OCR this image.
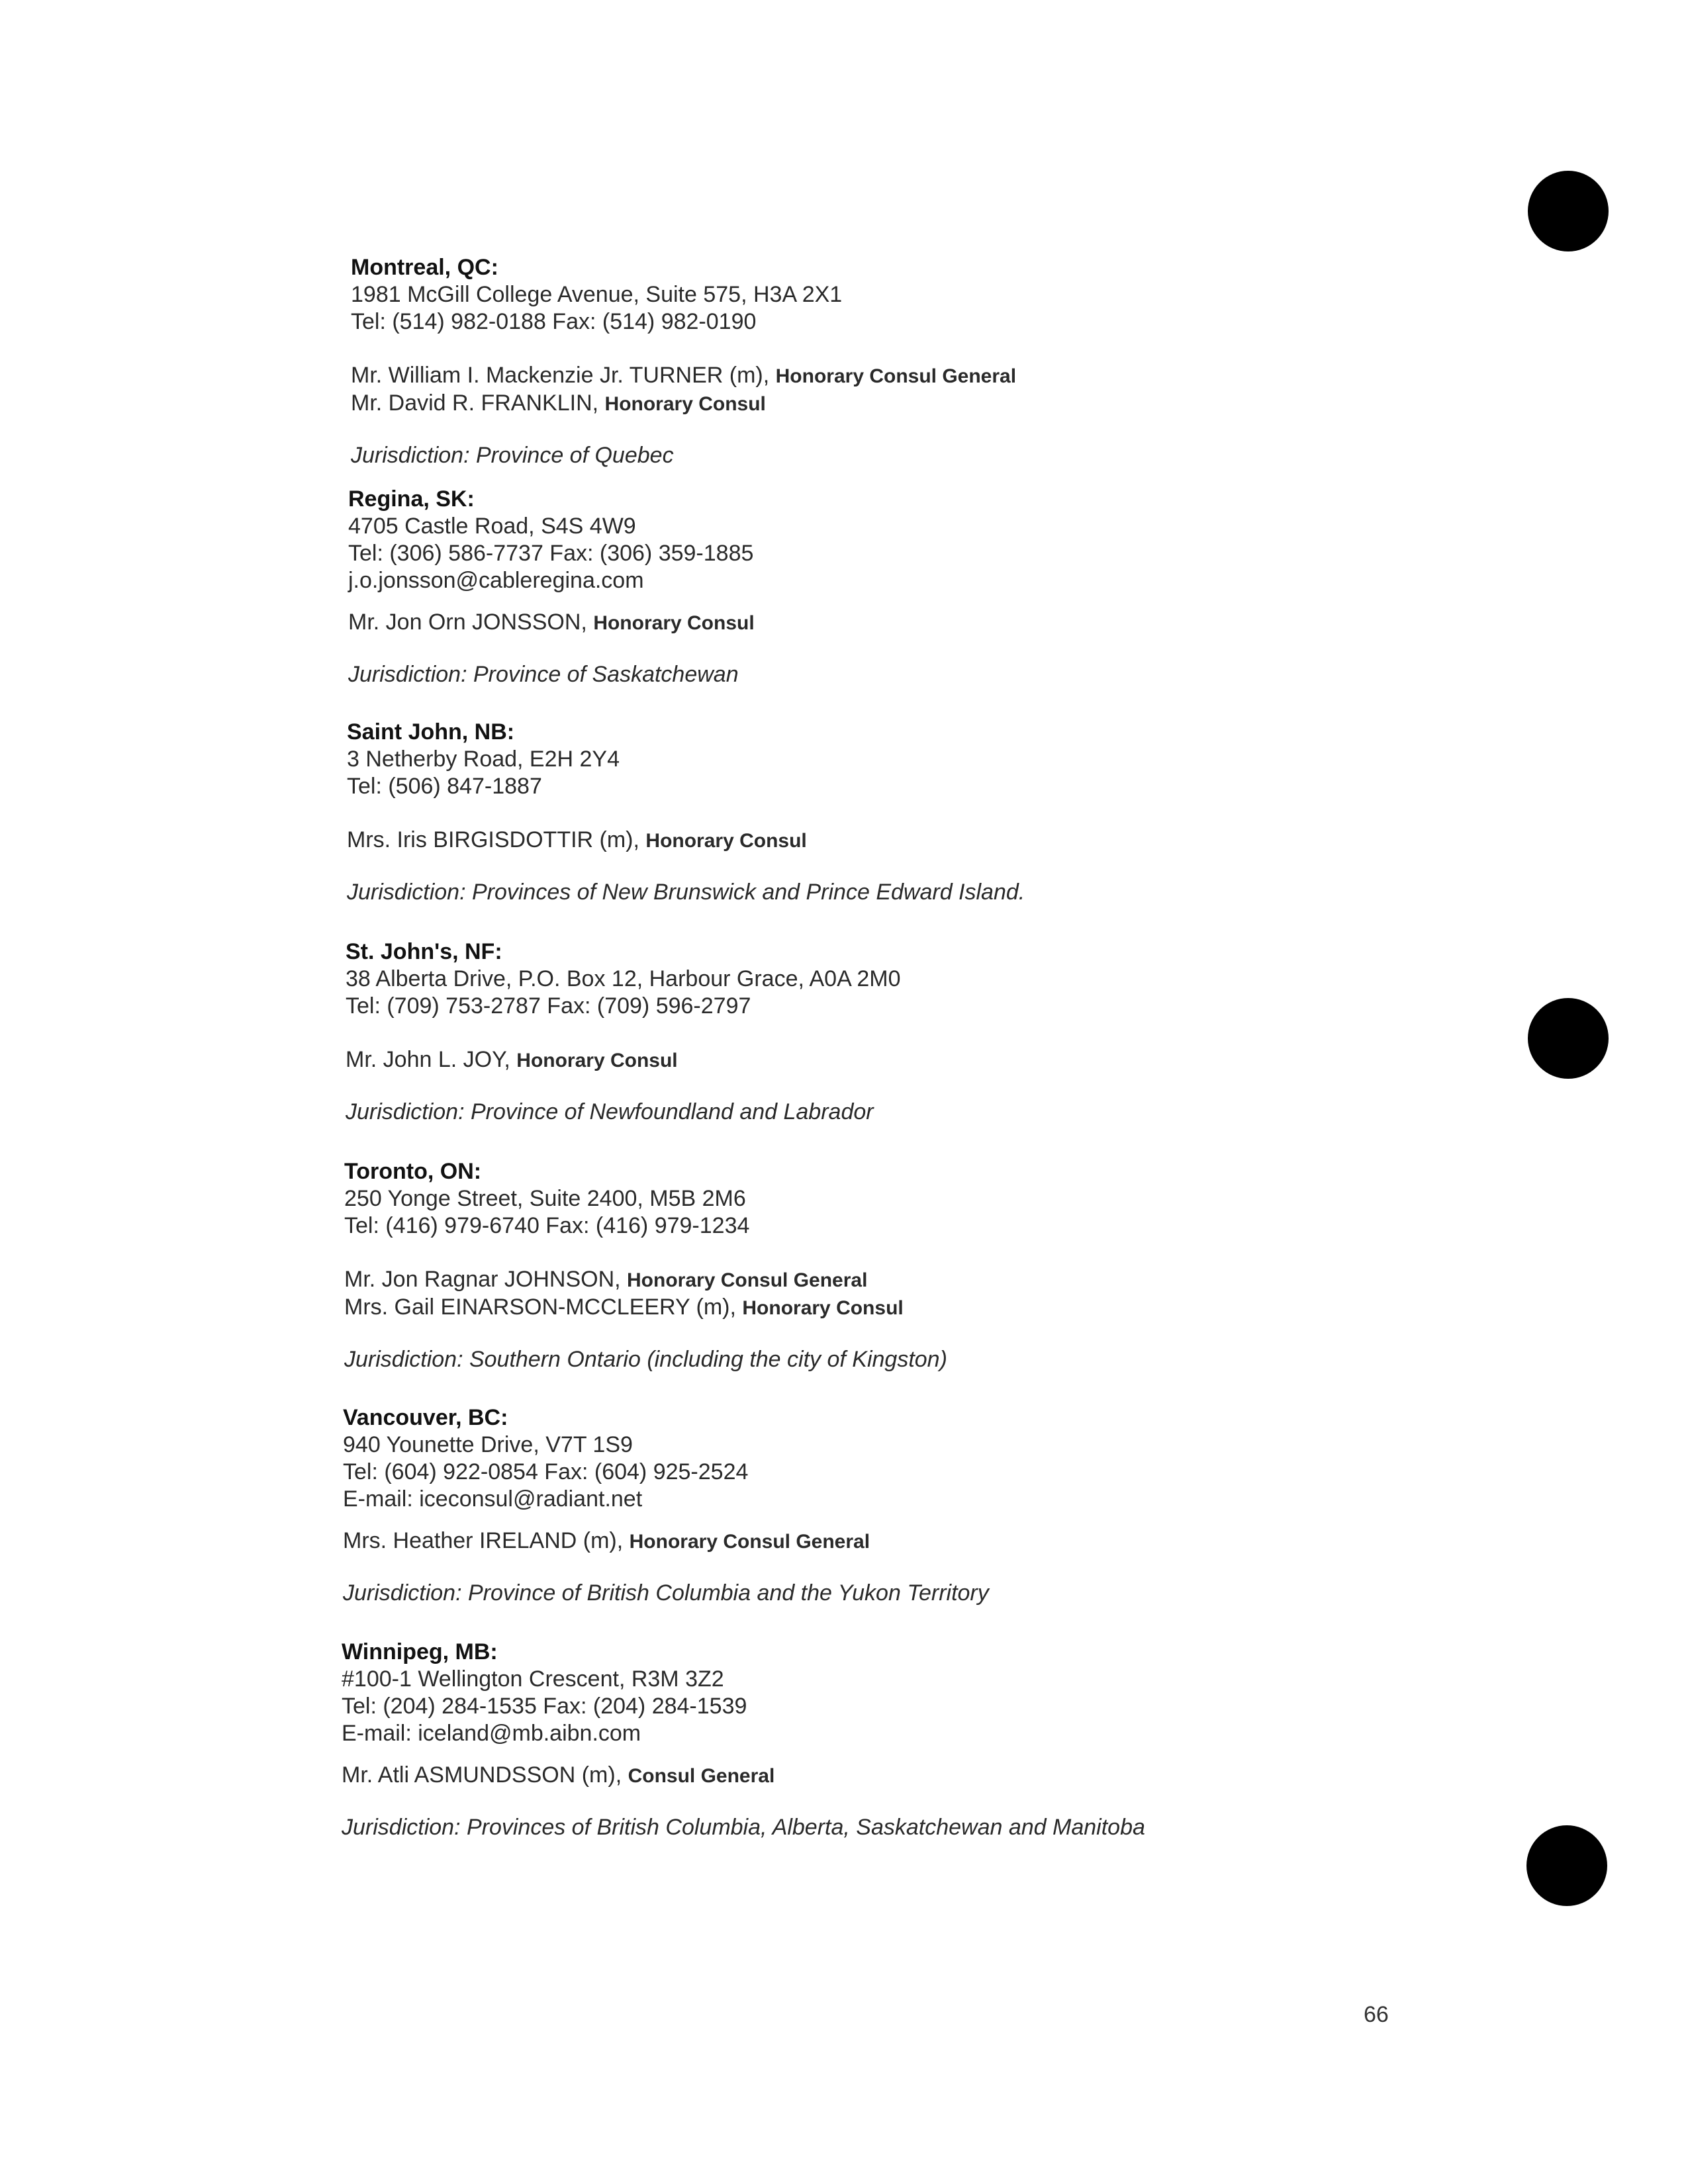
Montreal, QC:
1981 McGill College Avenue, Suite 575, H3A 2X1
Tel: (514) 982-0188 Fax: (514) 982-0190
Mr. William I. Mackenzie Jr. TURNER (m), Honorary Consul General
Mr. David R. FRANKLIN, Honorary Consul
Jurisdiction: Province of Quebec
Regina, SK:
4705 Castle Road, S4S 4W9
Tel: (306) 586-7737 Fax: (306) 359-1885
j.o.jonsson@cableregina.com
Mr. Jon Orn JONSSON, Honorary Consul
Jurisdiction: Province of Saskatchewan
Saint John, NB:
3 Netherby Road, E2H 2Y4
Tel: (506) 847-1887
Mrs. Iris BIRGISDOTTIR (m), Honorary Consul
Jurisdiction: Provinces of New Brunswick and Prince Edward Island.
St. John's, NF:
38 Alberta Drive, P.O. Box 12, Harbour Grace, A0A 2M0
Tel: (709) 753-2787 Fax: (709) 596-2797
Mr. John L. JOY, Honorary Consul
Jurisdiction: Province of Newfoundland and Labrador
Toronto, ON:
250 Yonge Street, Suite 2400, M5B 2M6
Tel: (416) 979-6740 Fax: (416) 979-1234
Mr. Jon Ragnar JOHNSON, Honorary Consul General
Mrs. Gail EINARSON-MCCLEERY (m), Honorary Consul
Jurisdiction: Southern Ontario (including the city of Kingston)
Vancouver, BC:
940 Younette Drive, V7T 1S9
Tel: (604) 922-0854 Fax: (604) 925-2524
E-mail: iceconsul@radiant.net
Mrs. Heather IRELAND (m), Honorary Consul General
Jurisdiction: Province of British Columbia and the Yukon Territory
Winnipeg, MB:
#100-1 Wellington Crescent, R3M 3Z2
Tel: (204) 284-1535 Fax: (204) 284-1539
E-mail: iceland@mb.aibn.com
Mr. Atli ASMUNDSSON (m), Consul General
Jurisdiction: Provinces of British Columbia, Alberta, Saskatchewan and Manitoba
66
